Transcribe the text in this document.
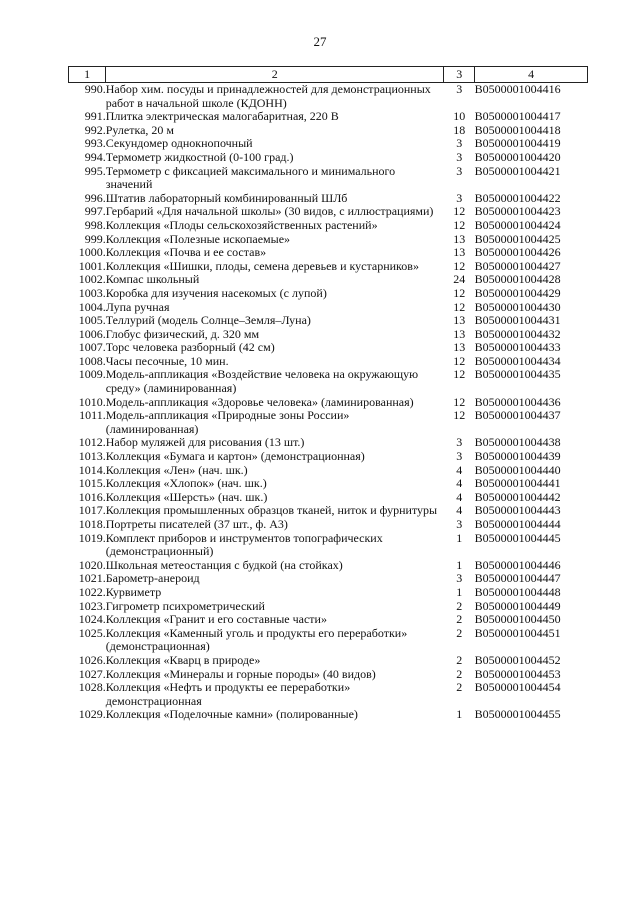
27
1	2	3	4
990.	Набор хим. посуды и принадлежностей для демонстрационных работ в начальной школе (КДОНН)	3	В0500001004416
991.	Плитка электрическая малогабаритная, 220 В	10	В0500001004417
992.	Рулетка, 20 м	18	В0500001004418
993.	Секундомер однокнопочный	3	В0500001004419
994.	Термометр жидкостной (0-100 град.)	3	В0500001004420
995.	Термометр с фиксацией максимального и минимального значений	3	В0500001004421
996.	Штатив лабораторный комбинированный ШЛб	3	В0500001004422
997.	Гербарий «Для начальной школы» (30 видов, с иллюстрациями)	12	В0500001004423
998.	Коллекция «Плоды сельскохозяйственных растений»	12	В0500001004424
999.	Коллекция «Полезные ископаемые»	13	В0500001004425
1000.	Коллекция «Почва и ее состав»	13	В0500001004426
1001.	Коллекция «Шишки, плоды, семена деревьев и кустарников»	12	В0500001004427
1002.	Компас школьный	24	В0500001004428
1003.	Коробка для изучения насекомых (с лупой)	12	В0500001004429
1004.	Лупа ручная	12	В0500001004430
1005.	Теллурий (модель Солнце–Земля–Луна)	13	В0500001004431
1006.	Глобус физический, д. 320 мм	13	В0500001004432
1007.	Торс человека разборный (42 см)	13	В0500001004433
1008.	Часы песочные, 10 мин.	12	В0500001004434
1009.	Модель-аппликация «Воздействие человека на окружающую среду» (ламинированная)	12	В0500001004435
1010.	Модель-аппликация «Здоровье человека» (ламинированная)	12	В0500001004436
1011.	Модель-аппликация «Природные зоны России» (ламинированная)	12	В0500001004437
1012.	Набор муляжей для рисования (13 шт.)	3	В0500001004438
1013.	Коллекция «Бумага и картон» (демонстрационная)	3	В0500001004439
1014.	Коллекция «Лен» (нач. шк.)	4	В0500001004440
1015.	Коллекция «Хлопок» (нач. шк.)	4	В0500001004441
1016.	Коллекция «Шерсть» (нач. шк.)	4	В0500001004442
1017.	Коллекция промышленных образцов тканей, ниток и фурнитуры	4	В0500001004443
1018.	Портреты писателей (37 шт., ф. А3)	3	В0500001004444
1019.	Комплект приборов и инструментов топографических (демонстрационный)	1	В0500001004445
1020.	Школьная метеостанция с будкой (на стойках)	1	В0500001004446
1021.	Барометр-анероид	3	В0500001004447
1022.	Курвиметр	1	В0500001004448
1023.	Гигрометр психрометрический	2	В0500001004449
1024.	Коллекция «Гранит и его составные части»	2	В0500001004450
1025.	Коллекция «Каменный уголь и продукты его переработки» (демонстрационная)	2	В0500001004451
1026.	Коллекция «Кварц в природе»	2	В0500001004452
1027.	Коллекция «Минералы и горные породы» (40 видов)	2	В0500001004453
1028.	Коллекция «Нефть и продукты ее переработки» демонстрационная	2	В0500001004454
1029.	Коллекция «Поделочные камни» (полированные)	1	В0500001004455
